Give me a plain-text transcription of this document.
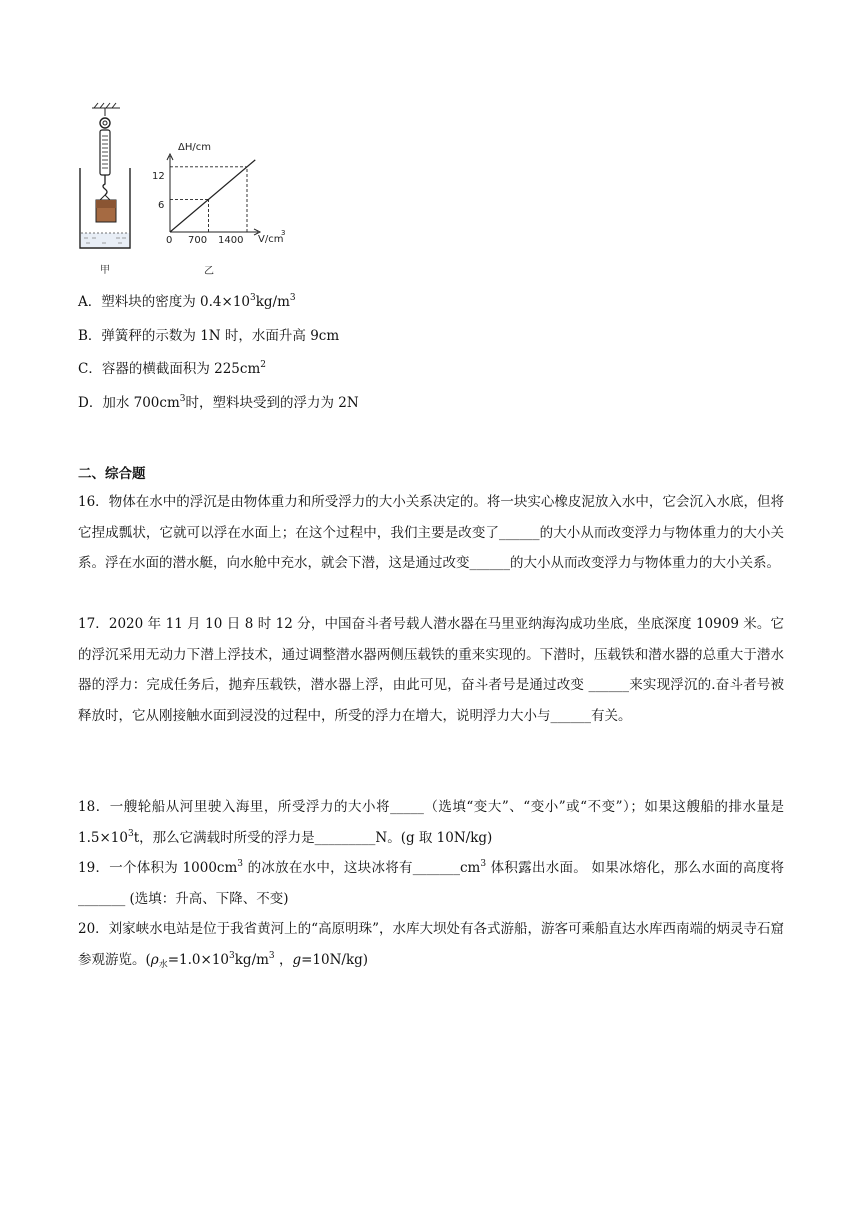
甲
ΔH/cm
V/cm
3
0
6
12
700 1400
乙
A．塑料块的密度为 $0.4\times 10^3kg/m^3$
B．弹簧秤的示数为 1N 时，水面升高 9cm
C．容器的横截面积为 $225cm^2$
D．加水 $700cm^3$时，塑料块受到的浮力为 2N
二、综合题
16．物体在水中的浮沉是由物体重力和所受浮力的大小关系决定的。将一块实心橡皮泥放入水中，它会沉入水底，但将它捏成瓢状，它就可以浮在水面上；在这个过程中，我们主要是改变了______的大小从而改变浮力与物体重力的大小关系。浮在水面的潜水艇，向水舱中充水，就会下潜，这是通过改变______的大小从而改变浮力与物体重力的大小关系。
17．2020 年 11 月 10 日 8 时 12 分，中国奋斗者号载人潜水器在马里亚纳海沟成功坐底，坐底深度 10909 米。它的浮沉采用无动力下潜上浮技术，通过调整潜水器两侧压载铁的重来实现的。下潜时，压载铁和潜水器的总重大于潜水器的浮力：完成任务后，抛弃压载铁，潜水器上浮，由此可见，奋斗者号是通过改变 ______来实现浮沉的.奋斗者号被释放时，它从刚接触水面到浸没的过程中，所受的浮力在增大，说明浮力大小与______有关。
18．一艘轮船从河里驶入海里，所受浮力的大小将_____（选填“变大”、“变小”或“不变”）；如果这艘船的排水量是 $1.5\times 10^3t$，那么它满载时所受的浮力是_________N。(g 取 10N/kg)
19．一个体积为 $1000cm^3$ 的冰放在水中，这块冰将有$\_\_\_\_\_\_\_cm^3$ 体积露出水面。 如果冰熔化，那么水面的高度将_______ (选填：升高、下降、不变)
20．刘家峡水电站是位于我省黄河上的“高原明珠”，水库大坝处有各式游船，游客可乘船直达水库西南端的炳灵寺石窟参观游览。($\rho_水=1.0\times 10^3kg/m^3$ ，g=10N/kg)
